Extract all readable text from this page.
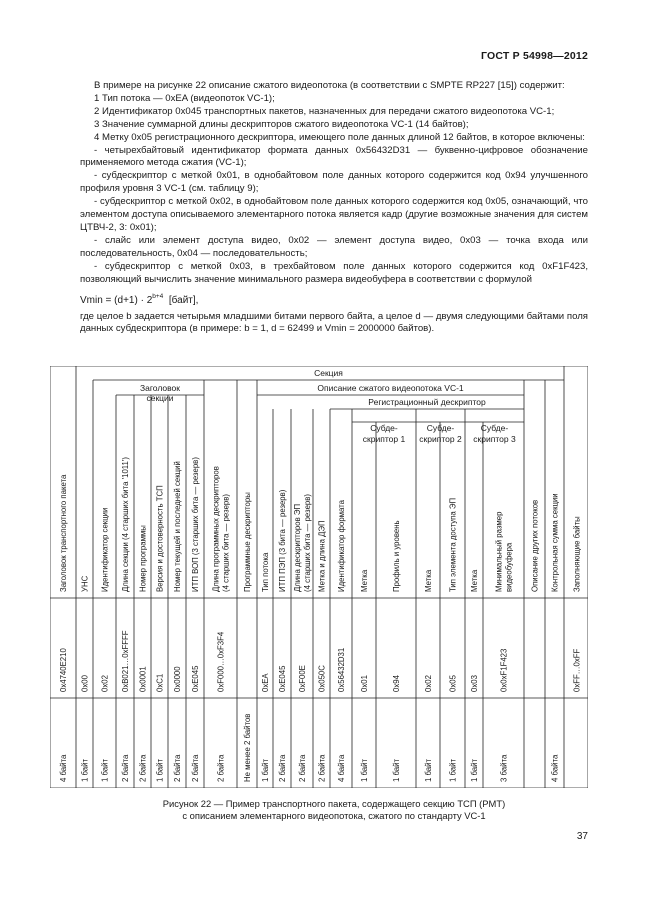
ГОСТ Р 54998—2012

В примере на рисунке 22 описание сжатого видеопотока (в соответствии с SMPTE RP227 [15]) содержит:

1 Тип потока — 0xEA (видеопоток VC-1);

2 Идентификатор 0x045 транспортных пакетов, назначенных для передачи сжатого видеопотока VC-1;

3 Значение суммарной длины дескрипторов сжатого видеопотока VC-1 (14 байтов);

4 Метку 0x05 регистрационного дескриптора, имеющего поле данных длиной 12 байтов, в которое включены:

- четырехбайтовый идентификатор формата данных 0x56432D31 — буквенно-цифровое обозначение применяемого метода сжатия (VC-1);

- субдескриптор с меткой 0x01, в однобайтовом поле данных которого содержится код 0x94 улучшенного профиля уровня 3 VC-1 (см. таблицу 9);

- субдескриптор с меткой 0x02, в однобайтовом поле данных которого содержится код 0x05, означающий, что элементом доступа описываемого элементарного потока является кадр (другие возможные значения для систем ЦТВЧ-2, 3: 0x01);

- слайс или элемент доступа видео, 0x02 — элемент доступа видео, 0x03 — точка входа или последовательность, 0x04 — последовательность;

- субдескриптор с меткой 0x03, в трехбайтовом поле данных которого содержится код 0xF1F423, позволяющий вычислить значение минимального размера видеобуфера в соответствии с формулой

$Vmin = (d+1) \cdot 2^{b+4}$ [байт],

где целое b задается четырьмя младшими битами первого байта, а целое d — двумя следующими байтами поля данных субдескриптора (в примере: b = 1, d = 62499 и Vmin = 2000000 байтов).

Секция
Заголовок
секции
Описание сжатого видеопотока VC-1
Регистрационный дескриптор
Субде-
скриптор 1
Субде-
скриптор 2
Субде-
скриптор 3
Заголовок транспортного пакета
0x4740E210
4 байта
УНС
0x00
1 байт
Идентификатор секции
0x02
1 байт
Длина секции (4 старших бита '1011')
0xB021…0xFFFF
2 байта
Номер программы
0x0001
2 байта
Версия и достоверность ТСП
0xC1
1 байт
Номер текущей и последней секций
0x0000
2 байта
ИТП ВОП (3 старших бита — резерв)
0xE045
2 байта
Длина программных дескрипторов (4 старших бита — резерв)
0xF000…0xF3F4
2 байта
Программные дескрипторы
Не менее 2 байтов
Тип потока
0xEA
1 байт
ИТП ПЭП (3 бита — резерв)
0xE045
2 байта
Длина дескрипторов ЭП (4 старших бита — резерв)
0xF00E
2 байта
Метка и длина ДЭП
0x050C
2 байта
Идентификатор формата
0x56432D31
4 байта
Метка
0x01
1 байт
Профиль и уровень
0x94
1 байт
Метка
0x02
1 байт
Тип элемента доступа ЭП
0x05
1 байт
Метка
0x03
1 байт
Минимальный размер видеобуфера
0x0xF1F423
3 байта
Описание других потоков Контрольная сумма секции
4 байта
Заполняющие байты
0xFF…0xFF
Рисунок 22 — Пример транспортного пакета, содержащего секцию ТСП (PMT)
с описанием элементарного видеопотока, сжатого по стандарту VC-1
37
